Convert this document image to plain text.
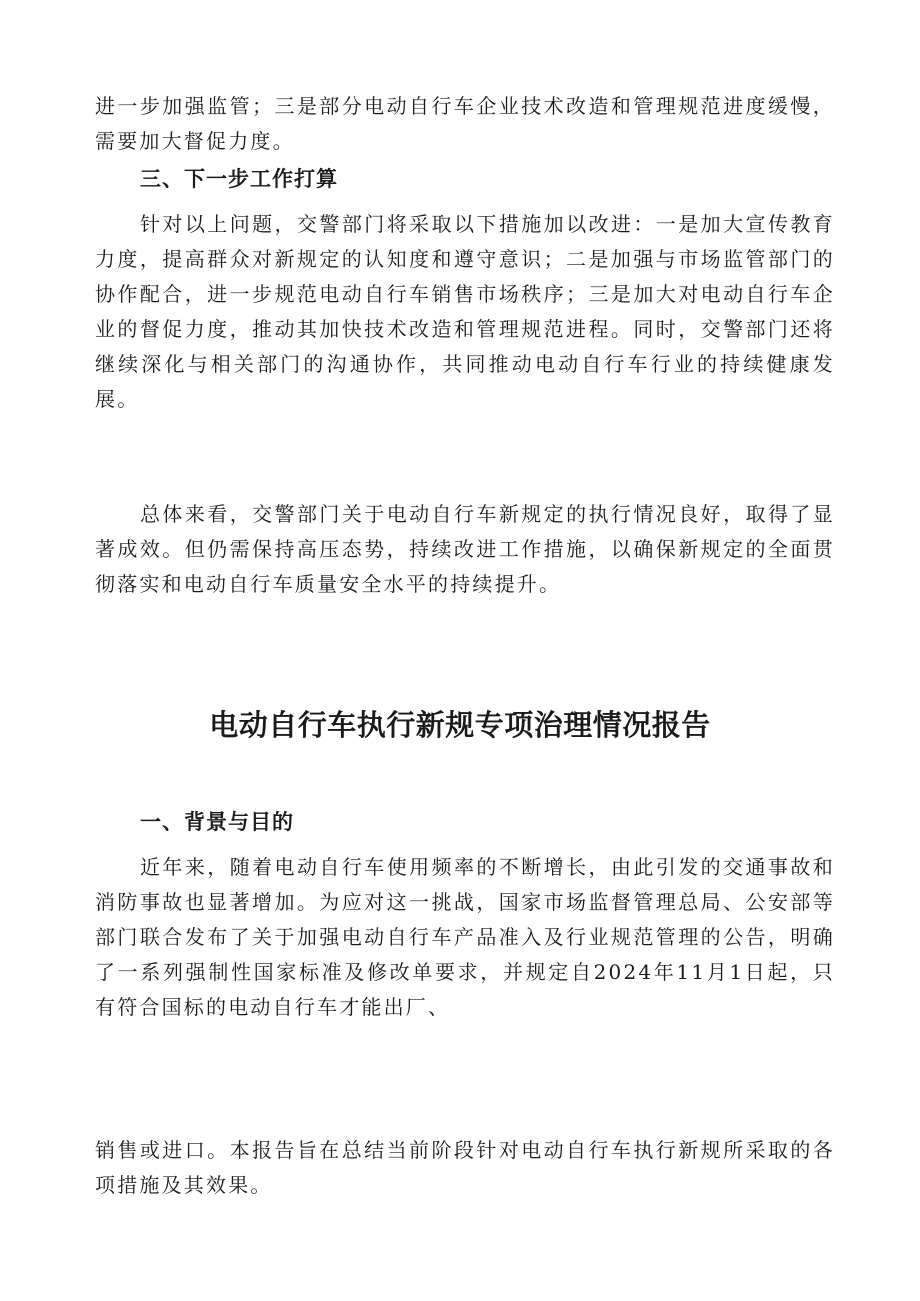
进一步加强监管；三是部分电动自行车企业技术改造和管理规范进度缓慢，需要加大督促力度。

三、下一步工作打算

针对以上问题，交警部门将采取以下措施加以改进：一是加大宣传教育力度，提高群众对新规定的认知度和遵守意识；二是加强与市场监管部门的协作配合，进一步规范电动自行车销售市场秩序；三是加大对电动自行车企业的督促力度，推动其加快技术改造和管理规范进程。同时，交警部门还将继续深化与相关部门的沟通协作，共同推动电动自行车行业的持续健康发展。

总体来看，交警部门关于电动自行车新规定的执行情况良好，取得了显著成效。但仍需保持高压态势，持续改进工作措施，以确保新规定的全面贯彻落实和电动自行车质量安全水平的持续提升。

电动自行车执行新规专项治理情况报告
一、背景与目的

近年来，随着电动自行车使用频率的不断增长，由此引发的交通事故和消防事故也显著增加。为应对这一挑战，国家市场监督管理总局、公安部等部门联合发布了关于加强电动自行车产品准入及行业规范管理的公告，明确了一系列强制性国家标准及修改单要求，并规定自2024年11月1日起，只有符合国标的电动自行车才能出厂、

销售或进口。本报告旨在总结当前阶段针对电动自行车执行新规所采取的各项措施及其效果。
